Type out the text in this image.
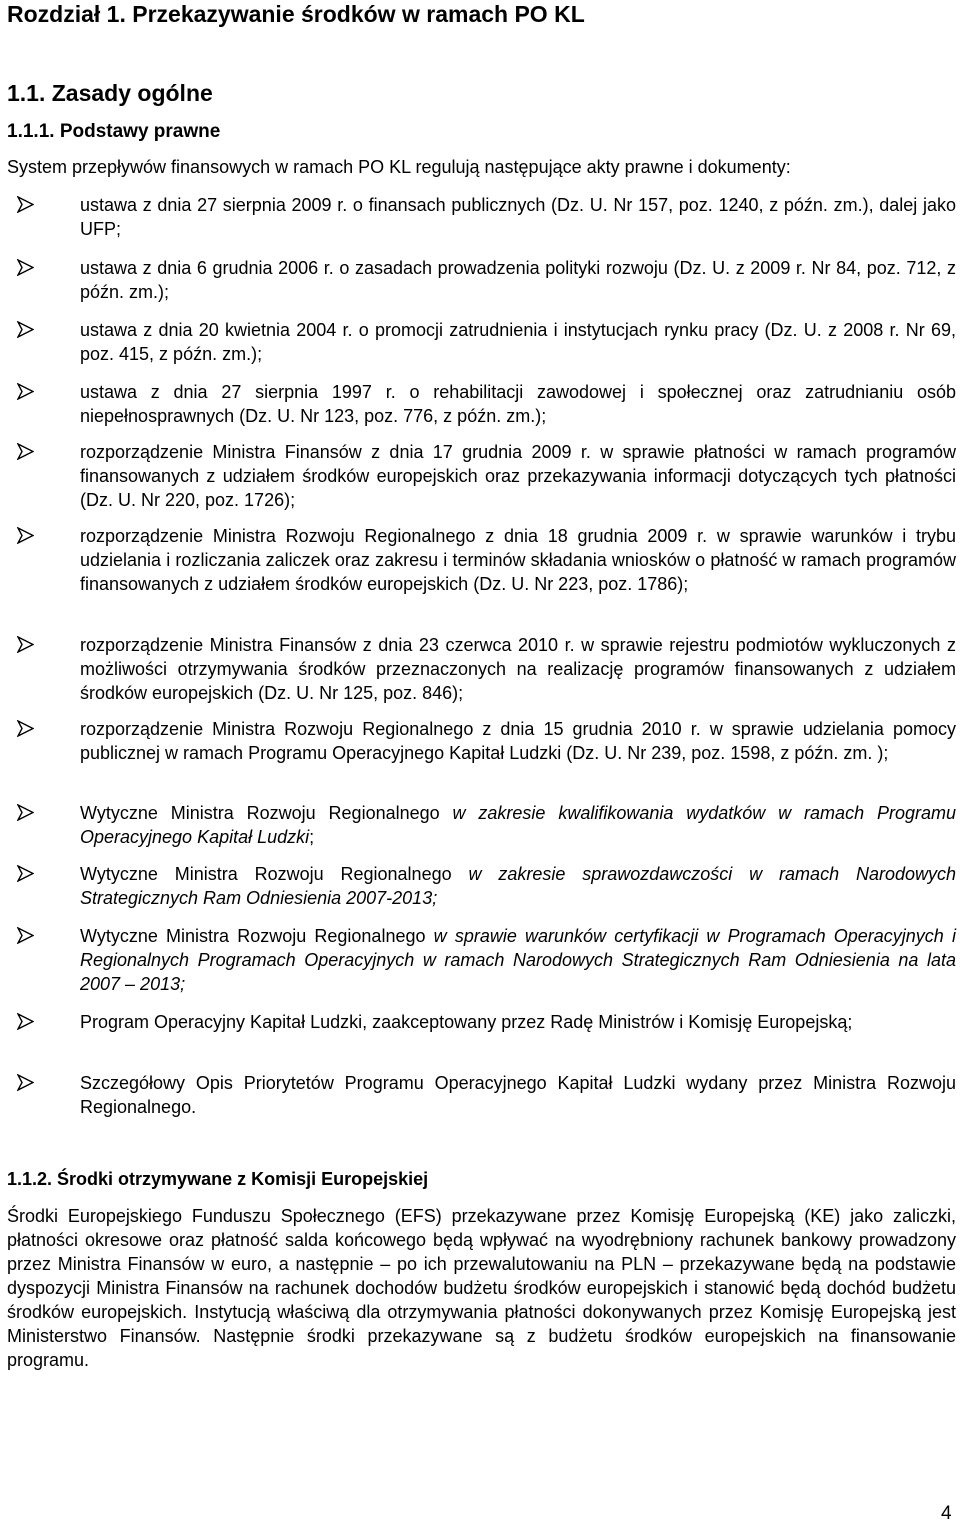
Rozdział 1. Przekazywanie środków w ramach PO KL
1.1. Zasady ogólne
1.1.1. Podstawy prawne
System przepływów finansowych w ramach PO KL regulują następujące akty prawne i dokumenty:
ustawa z dnia 27 sierpnia 2009 r. o finansach publicznych (Dz. U. Nr 157, poz. 1240, z późn. zm.), dalej jako UFP;
ustawa z dnia 6 grudnia 2006 r. o zasadach prowadzenia polityki rozwoju (Dz. U. z 2009 r. Nr 84, poz. 712, z późn. zm.);
ustawa z dnia 20 kwietnia 2004 r. o promocji zatrudnienia i instytucjach rynku pracy (Dz. U. z 2008 r. Nr 69, poz. 415, z późn. zm.);
ustawa z dnia 27 sierpnia 1997 r. o rehabilitacji zawodowej i społecznej oraz zatrudnianiu osób niepełnosprawnych (Dz. U. Nr 123, poz. 776, z późn. zm.);
rozporządzenie Ministra Finansów z dnia 17 grudnia 2009 r. w sprawie płatności w ramach programów finansowanych z udziałem środków europejskich oraz przekazywania informacji dotyczących tych płatności (Dz. U. Nr 220, poz. 1726);
rozporządzenie Ministra Rozwoju Regionalnego z dnia 18 grudnia 2009 r. w sprawie warunków i trybu udzielania i rozliczania zaliczek oraz zakresu i terminów składania wniosków o płatność w ramach programów finansowanych z udziałem środków europejskich (Dz. U. Nr 223, poz. 1786);
rozporządzenie Ministra Finansów z dnia 23 czerwca 2010 r. w sprawie rejestru podmiotów wykluczonych z możliwości otrzymywania środków przeznaczonych na realizację programów finansowanych z udziałem środków europejskich (Dz. U. Nr 125, poz. 846);
rozporządzenie Ministra Rozwoju Regionalnego z dnia 15 grudnia 2010 r. w sprawie udzielania pomocy publicznej w ramach Programu Operacyjnego Kapitał Ludzki (Dz. U. Nr 239, poz. 1598, z późn. zm. );
Wytyczne Ministra Rozwoju Regionalnego w zakresie kwalifikowania wydatków w ramach Programu Operacyjnego Kapitał Ludzki;
Wytyczne Ministra Rozwoju Regionalnego w zakresie sprawozdawczości w ramach Narodowych Strategicznych Ram Odniesienia 2007-2013;
Wytyczne Ministra Rozwoju Regionalnego w sprawie warunków certyfikacji w Programach Operacyjnych i Regionalnych Programach Operacyjnych w ramach Narodowych Strategicznych Ram Odniesienia na lata 2007 – 2013;
Program Operacyjny Kapitał Ludzki, zaakceptowany przez Radę Ministrów i Komisję Europejską;
Szczegółowy Opis Priorytetów Programu Operacyjnego Kapitał Ludzki wydany przez Ministra Rozwoju Regionalnego.
1.1.2. Środki otrzymywane z Komisji Europejskiej
Środki Europejskiego Funduszu Społecznego (EFS) przekazywane przez Komisję Europejską (KE) jako zaliczki, płatności okresowe oraz płatność salda końcowego będą wpływać na wyodrębniony rachunek bankowy prowadzony przez Ministra Finansów w euro, a następnie – po ich przewalutowaniu na PLN – przekazywane będą na podstawie dyspozycji Ministra Finansów na rachunek dochodów budżetu środków europejskich i stanowić będą dochód budżetu środków europejskich. Instytucją właściwą dla otrzymywania płatności dokonywanych przez Komisję Europejską jest Ministerstwo Finansów. Następnie środki przekazywane są z budżetu środków europejskich na finansowanie programu.
4
